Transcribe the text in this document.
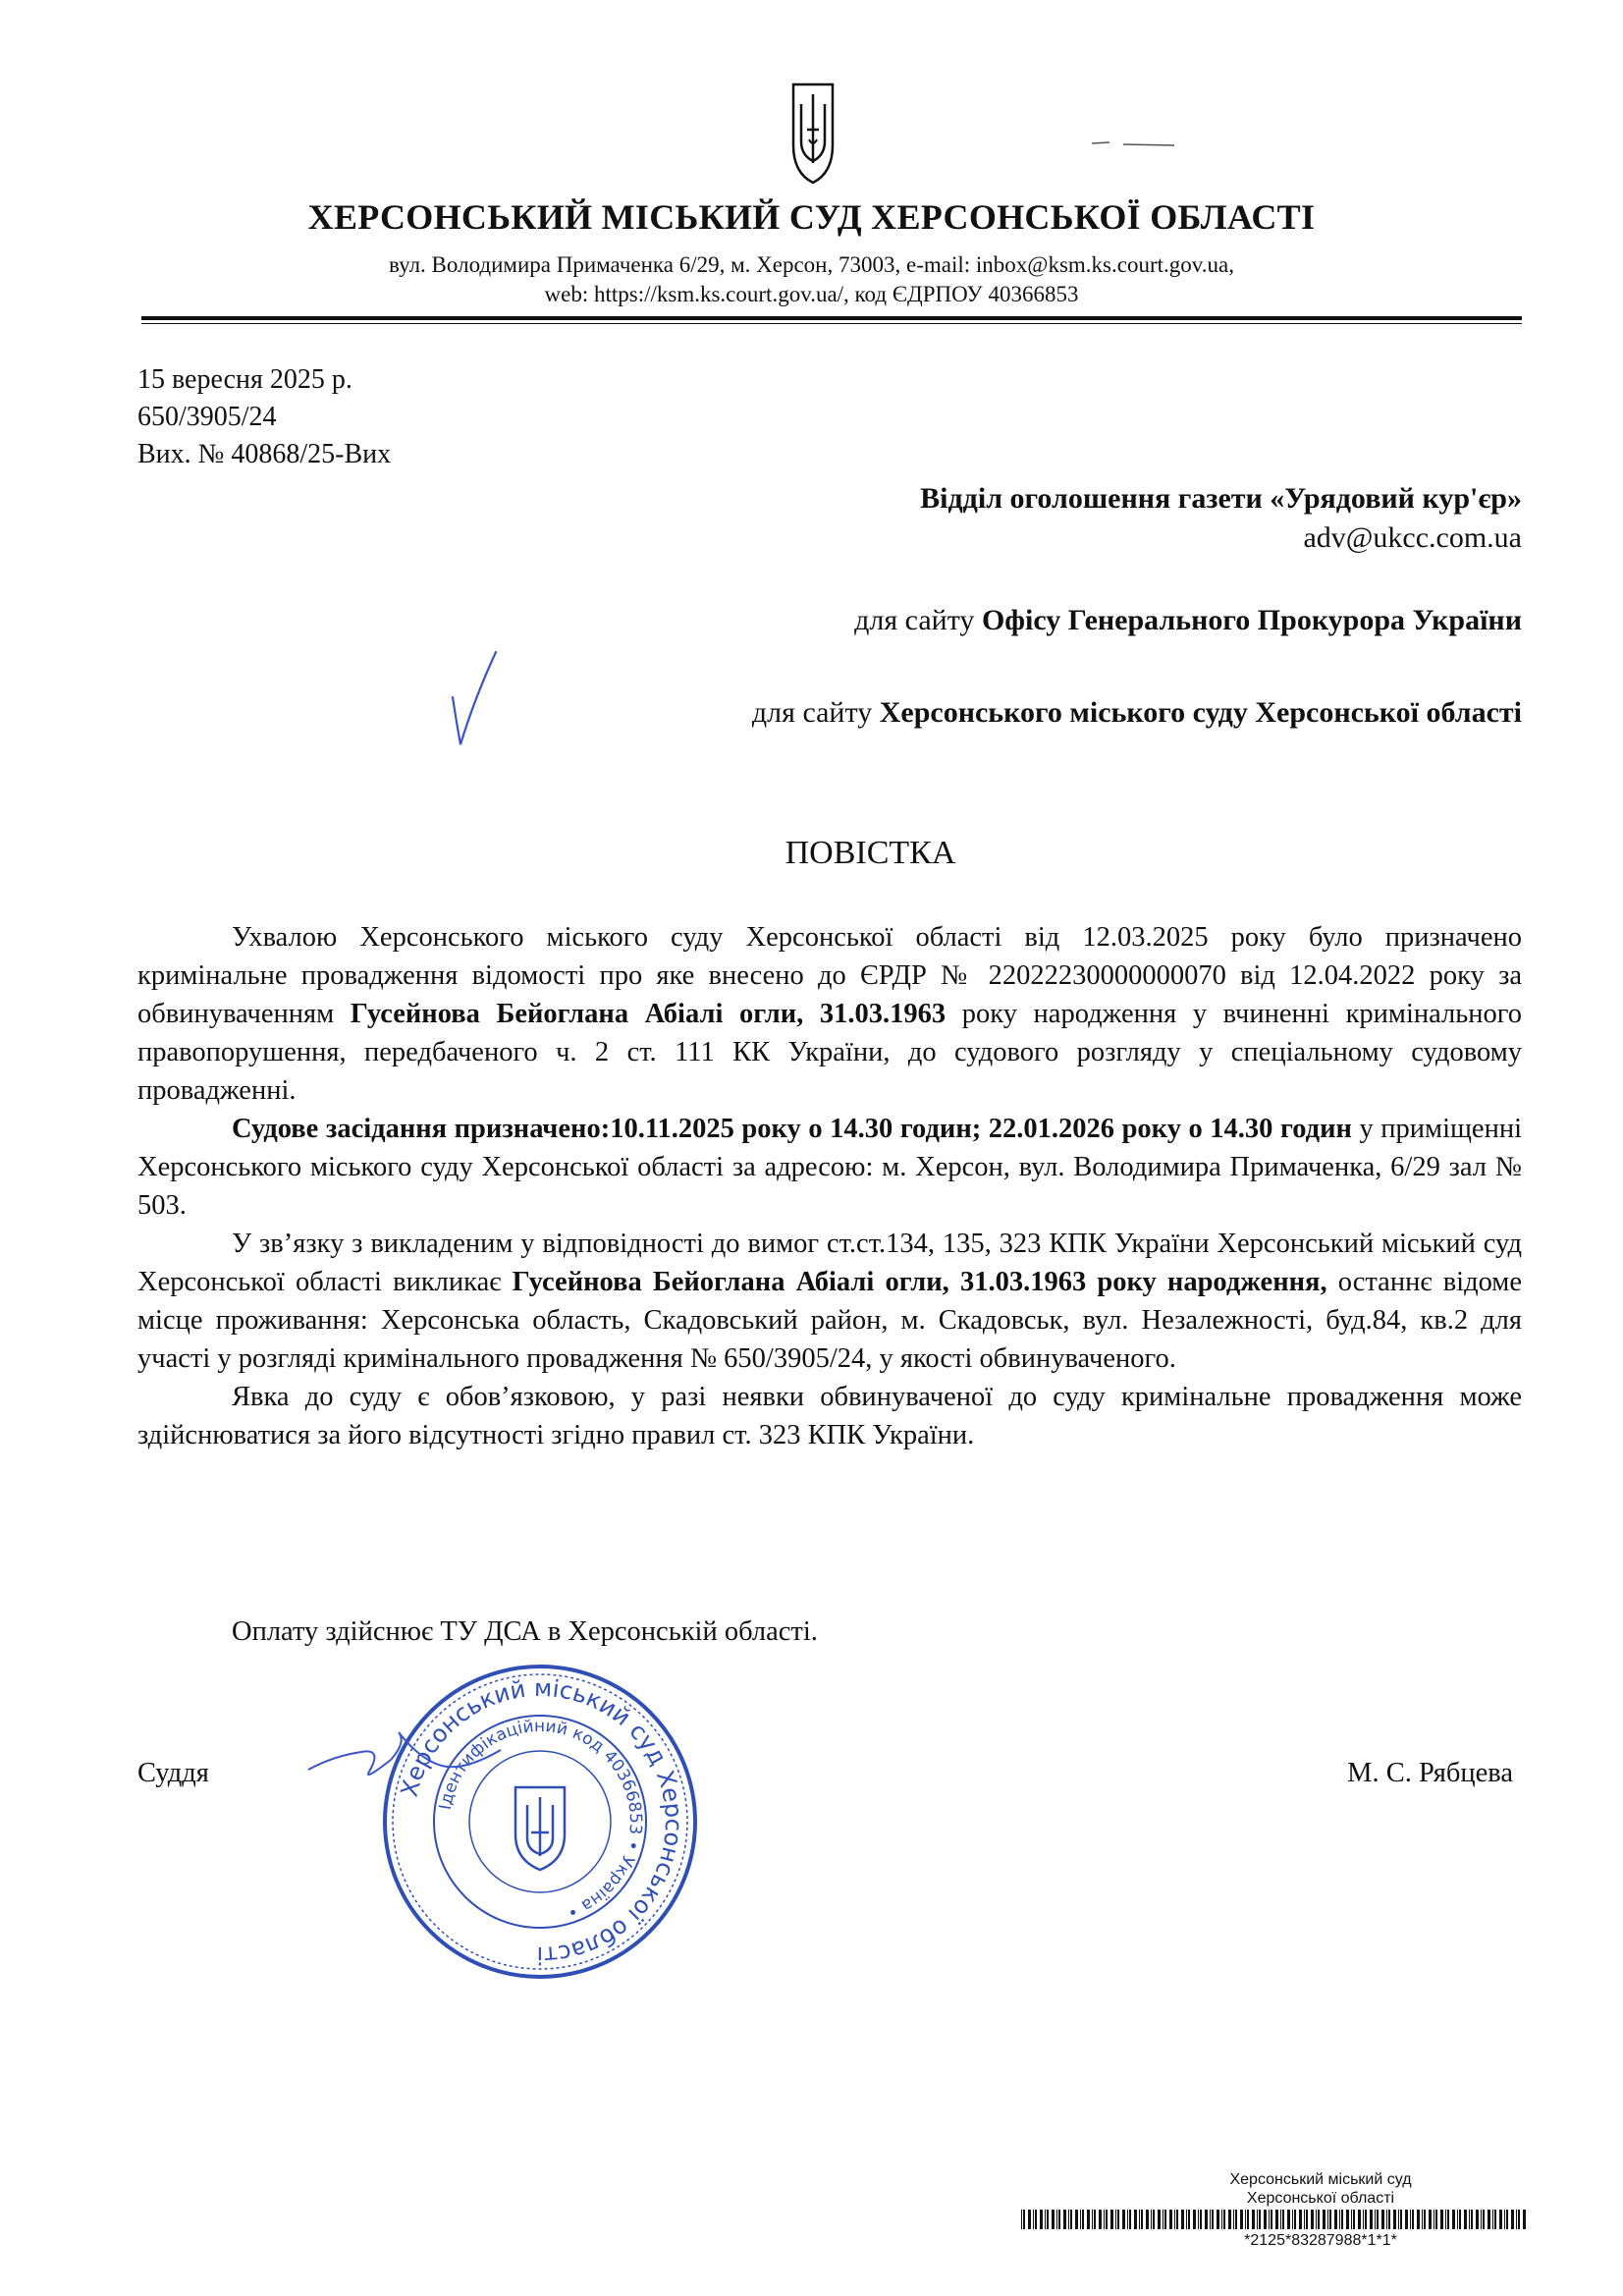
ХЕРСОНСЬКИЙ МІСЬКИЙ СУД ХЕРСОНСЬКОЇ ОБЛАСТІ
вул. Володимира Примаченка 6/29, м. Херсон, 73003, e-mail: inbox@ksm.ks.court.gov.ua,
web: https://ksm.ks.court.gov.ua/, код ЄДРПОУ 40366853
15 вересня 2025 р.
650/3905/24
Вих. № 40868/25-Вих
Відділ оголошення газети «Урядовий кур'єр»
adv@ukcc.com.ua
для сайту Офісу Генерального Прокурора України
для сайту Херсонського міського суду Херсонської області
ПОВІСТКА

Ухвалою Херсонського міського суду Херсонської області від 12.03.2025 року було призначено кримінальне провадження відомості про яке внесено до ЄРДР № 22022230000000070 від 12.04.2022 року за обвинуваченням Гусейнова Бейоглана Абіалі огли, 31.03.1963 року народження у вчиненні кримінального правопорушення, передбаченого ч. 2 ст. 111 КК України, до судового розгляду у спеціальному судовому провадженні.

Судове засідання призначено:10.11.2025 року о 14.30 годин; 22.01.2026 року о 14.30 годин у приміщенні Херсонського міського суду Херсонської області за адресою: м. Херсон, вул. Володимира Примаченка, 6/29 зал № 503.

У зв’язку з викладеним у відповідності до вимог ст.ст.134, 135, 323 КПК України Херсонський міський суд Херсонської області викликає Гусейнова Бейоглана Абіалі огли, 31.03.1963 року народження, останнє відоме місце проживання: Херсонська область, Скадовський район, м. Скадовськ, вул. Незалежності, буд.84, кв.2 для участі у розгляді кримінального провадження № 650/3905/24, у якості обвинуваченого.

Явка до суду є обов’язковою, у разі неявки обвинуваченої до суду кримінальне провадження може здійснюватися за його відсутності згідно правил ст. 323 КПК України.

Оплату здійснює ТУ ДСА в Херсонській області.
Херсонський міський суд Херсонської області
Ідентифікаційний код 40366853 • Україна •
Суддя	М. С. Рябцева
Херсонський міський суд
Херсонської області
*2125*83287988*1*1*
